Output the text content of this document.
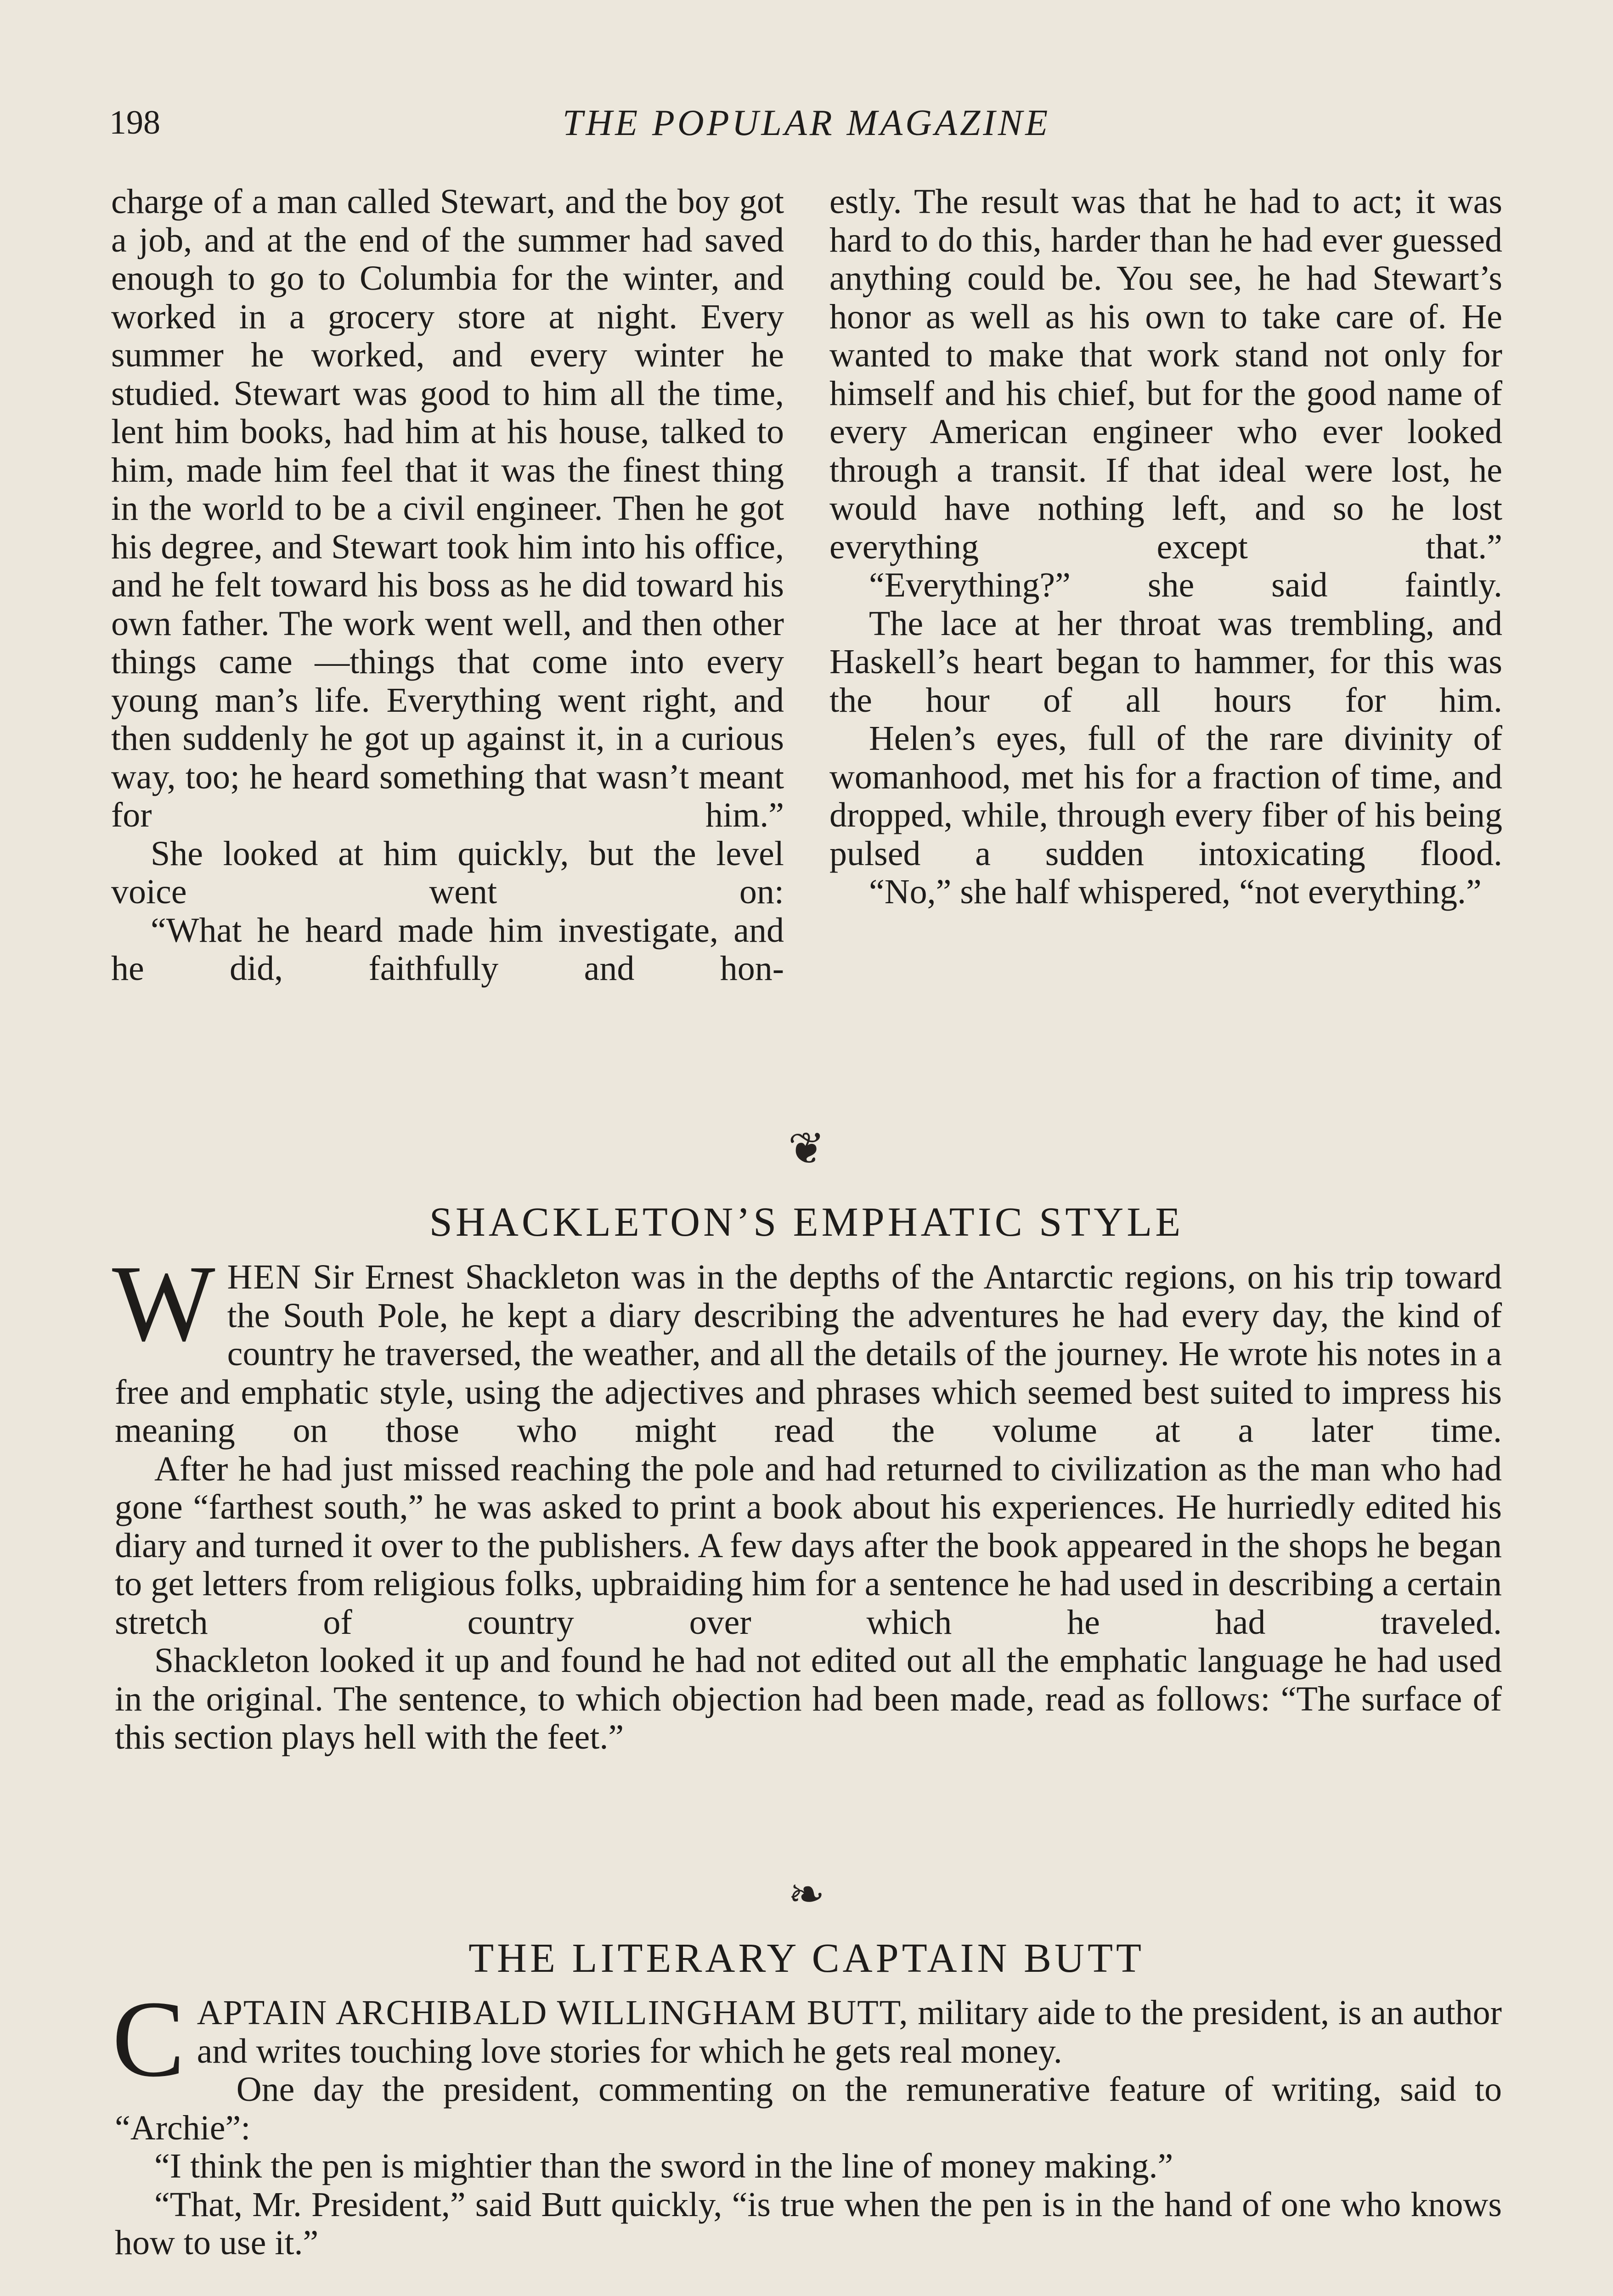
198	THE POPULAR MAGAZINE

charge of a man called Stewart, and the boy got a job, and at the end of the summer had saved enough to go to Columbia for the winter, and worked in a grocery store at night. Every summer he worked, and every winter he studied. Stewart was good to him all the time, lent him books, had him at his house, talked to him, made him feel that it was the finest thing in the world to be a civil engineer. Then he got his degree, and Stewart took him into his office, and he felt toward his boss as he did toward his own father. The work went well, and then other things came —things that come into every young man’s life. Everything went right, and then suddenly he got up against it, in a curious way, too; he heard something that wasn’t meant for him.”

She looked at him quickly, but the level voice went on:

“What he heard made him investigate, and he did, faithfully and hon-

estly. The result was that he had to act; it was hard to do this, harder than he had ever guessed anything could be. You see, he had Stewart’s honor as well as his own to take care of. He wanted to make that work stand not only for himself and his chief, but for the good name of every American engineer who ever looked through a transit. If that ideal were lost, he would have nothing left, and so he lost everything except that.”

“Everything?” she said faintly.

The lace at her throat was trembling, and Haskell’s heart began to hammer, for this was the hour of all hours for him.

Helen’s eyes, full of the rare divinity of womanhood, met his for a fraction of time, and dropped, while, through every fiber of his being pulsed a sudden intoxicating flood.

“No,” she half whispered, “not everything.”

❦
SHACKLETON’S EMPHATIC STYLE

WHEN Sir Ernest Shackleton was in the depths of the Antarctic regions, on his trip toward the South Pole, he kept a diary describing the adventures he had every day, the kind of country he traversed, the weather, and all the details of the journey. He wrote his notes in a free and emphatic style, using the adjectives and phrases which seemed best suited to impress his meaning on those who might read the volume at a later time.

After he had just missed reaching the pole and had returned to civilization as the man who had gone “farthest south,” he was asked to print a book about his experiences. He hurriedly edited his diary and turned it over to the publishers. A few days after the book appeared in the shops he began to get letters from religious folks, upbraiding him for a sentence he had used in describing a certain stretch of country over which he had traveled.

Shackleton looked it up and found he had not edited out all the emphatic language he had used in the original. The sentence, to which objection had been made, read as follows: “The surface of this section plays hell with the feet.”

❧
THE LITERARY CAPTAIN BUTT

CAPTAIN ARCHIBALD WILLINGHAM BUTT, military aide to the president, is an author and writes touching love stories for which he gets real money.

One day the president, commenting on the remunerative feature of writing, said to “Archie”:

“I think the pen is mightier than the sword in the line of money making.”

“That, Mr. President,” said Butt quickly, “is true when the pen is in the hand of one who knows how to use it.”
